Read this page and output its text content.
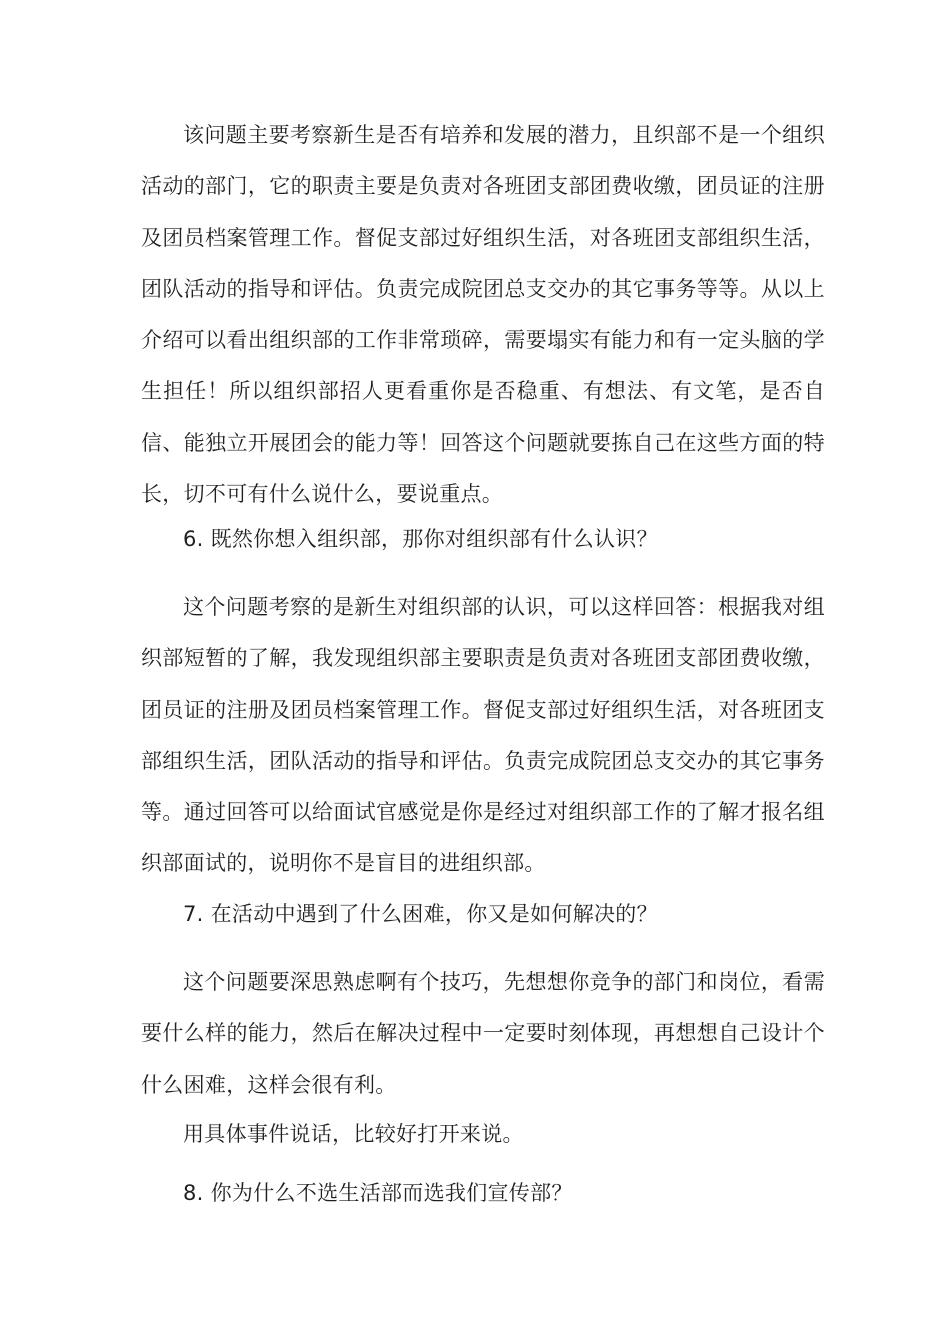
该问题主要考察新生是否有培养和发展的潜力，且织部不是一个组织活动的部门，它的职责主要是负责对各班团支部团费收缴，团员证的注册及团员档案管理工作。督促支部过好组织生活，对各班团支部组织生活，团队活动的指导和评估。负责完成院团总支交办的其它事务等等。从以上介绍可以看出组织部的工作非常琐碎，需要塌实有能力和有一定头脑的学生担任！所以组织部招人更看重你是否稳重、有想法、有文笔，是否自信、能独立开展团会的能力等！回答这个问题就要拣自己在这些方面的特长，切不可有什么说什么，要说重点。

6. 既然你想入组织部，那你对组织部有什么认识？

这个问题考察的是新生对组织部的认识，可以这样回答：根据我对组织部短暂的了解，我发现组织部主要职责是负责对各班团支部团费收缴，团员证的注册及团员档案管理工作。督促支部过好组织生活，对各班团支部组织生活，团队活动的指导和评估。负责完成院团总支交办的其它事务等。通过回答可以给面试官感觉是你是经过对组织部工作的了解才报名组织部面试的，说明你不是盲目的进组织部。

7. 在活动中遇到了什么困难，你又是如何解决的？

这个问题要深思熟虑啊有个技巧，先想想你竞争的部门和岗位，看需要什么样的能力，然后在解决过程中一定要时刻体现，再想想自己设计个什么困难，这样会很有利。

用具体事件说话，比较好打开来说。

8. 你为什么不选生活部而选我们宣传部？
